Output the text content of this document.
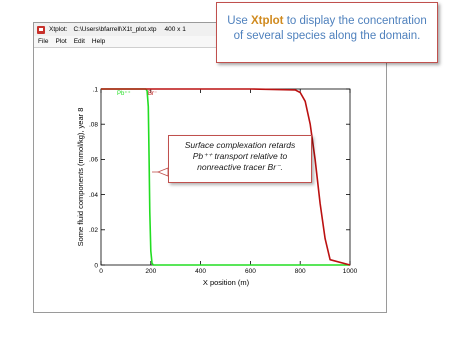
Xtplot: C:\Users\bfarrell\X1t_plot.xtp 400 x 1
File Plot Edit Help
0
.02
.04
.06
.08
.1
0	200	400	600	800	1000
X position (m)
Some fluid components (mmol/kg), year 8
Pb⁺⁺	Br⁻
Use Xtplot to display the concentration of several species along the domain.
Surface complexation retards
Pb⁺⁺ transport relative to
nonreactive tracer Br⁻.
